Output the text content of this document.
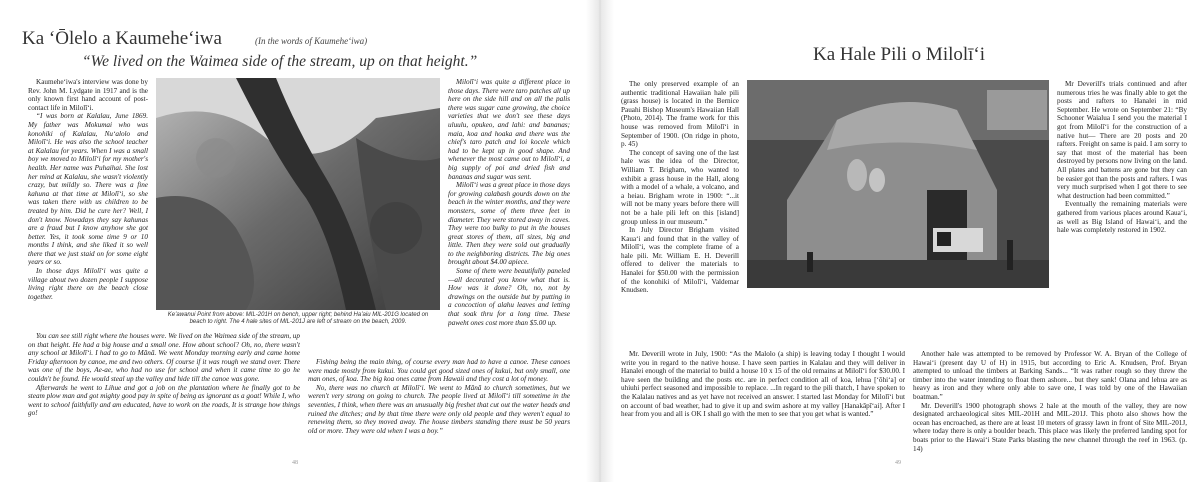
Ka ʻŌlelo a Kaumeheʻiwa	(In the words of Kaumeheʻiwa)
“We lived on the Waimea side of the stream, up on that height.”

Kaumeheʻiwa's interview was done by Rev. John M. Lydgate in 1917 and is the only known first hand account of post-contact life in Milolīʻi.

“I was born at Kalalau, June 1869. My father was Mokumai who was konohiki of Kalalau, Nuʻalolo and Milolīʻi. He was also the school teacher at Kalalau for years. When I was a small boy we moved to Milolīʻi for my mother's health. Her name was Puhaihai. She lost her mind at Kalalau, she wasn't violently crazy, but mildly so. There was a fine kahuna at that time at Milolīʻi, so she was taken there with us children to be treated by him. Did he cure her? Well, I don't know. Nowadays they say kahunas are a fraud but I know anyhow she got better. Yes, it took some time 9 or 10 months I think, and she liked it so well there that we just staid on for some eight years or so.

In those days Milolīʻi was quite a village about two dozen people I suppose living right there on the beach close together.

Keʻawanui Point from above: MIL-201H on bench, upper right; behind Haʻaiu MIL-201G located on beach to right. The 4 hale sites of MIL-201J are left of stream on the beach, 2009.

Milolīʻi was quite a different place in those days. There were taro patches all up here on the side hill and on all the palis there was sugar cane growing, the choice varieties that we don't see these days uluulu, opukeo, and lahi: and bananas; maia, koa and hoaka and there was the chief's taro patch and loi kocele which had to be kept up in good shape. And whenever the most came out to Milolīʻi, a big supply of poi and dried fish and bananas and sugar was sent.

Milolīʻi was a great place in those days for growing calabash gourds down on the beach in the winter months, and they were monsters, some of them three feet in diameter. They were stored away in caves. They were too bulky to put in the houses great stores of them, all sizes, big and little. Then they were sold out gradually to the neighboring districts. The big ones brought about $4.00 apiece.

Some of them were beautifully paneled —all decorated you know what that is. How was it done? Oh, no, not by drawings on the outside but by putting in a concoction of alahu leaves and letting that soak thru for a long time. These paweht ones cost more than $5.00 up.

You can see still right where the houses were. We lived on the Waimea side of the stream, up on that height. He had a big house and a small one. How about school? Oh, no, there wasn't any school at Milolīʻi. I had to go to Mānā. We went Monday morning early and came home Friday afternoon by canoe, me and two others. Of course if it was rough we stand over. There was one of the boys, Ae-ae, who had no use for school and when it came time to go he couldn't be found. He would steal up the valley and hide till the canoe was gone.

Afterwards he went to Lihue and got a job on the plantation where he finally got to be steam plow man and got mighty good pay in spite of being as ignorant as a goat! While I, who went to school faithfully and am educated, have to work on the roads, It is strange how things go!

Fishing being the main thing, of course every man had to have a canoe. These canoes were made mostly from kukui. You could get good sized ones of kukui, but only small, one man ones, of koa. The big koa ones came from Hawaii and they cost a lot of money.

No, there was no church at Milolīʻi. We went to Mānā to church sometimes, but we weren't very strong on going to church. The people lived at Milolīʻi till sometime in the seventies, I think, when there was an unusually big freshet that cut out the water heads and ruined the ditches; and by that time there were only old people and they weren't equal to renewing them, so they moved away. The house timbers standing there must be 50 years old or more. They were old when I was a boy.”

48
Ka Hale Pili o Milolīʻi

The only preserved example of an authentic traditional Hawaiian hale pili (grass house) is located in the Bernice Pauahi Bishop Museum's Hawaiian Hall (Photo, 2014). The frame work for this house was removed from Milolīʻi in September of 1900. (On ridge in photo, p. 45)

The concept of saving one of the last hale was the idea of the Director, William T. Brigham, who wanted to exhibit a grass house in the Hall, along with a model of a whale, a volcano, and a heiau. Brigham wrote in 1900: “...it will not be many years before there will not be a hale pili left on this [island] group unless in our museum.”

In July Director Brigham visited Kauaʻi and found that in the valley of Milolīʻi, was the complete frame of a hale pili. Mr. William E. H. Deverill offered to deliver the materials to Hanalei for $50.00 with the permission of the konohiki of Milolīʻi, Valdemar Knudsen.

Mr Deverill's trials continued and after numerous tries he was finally able to get the posts and rafters to Hanalei in mid September. He wrote on September 21: “By Schooner Waialua I send you the material I got from Milolīʻi for the construction of a native hut— There are 20 posts and 20 rafters. Freight on same is paid. I am sorry to say that most of the material has been destroyed by persons now living on the land. All plates and battens are gone but they can be easier got than the posts and rafters. I was very much surprised when I got there to see what destruction had been committed.”

Eventually the remaining materials were gathered from various places around Kauaʻi, as well as Big Island of Hawaiʻi, and the hale was completely restored in 1902.

Mr. Deverill wrote in July, 1900: “As the Malolo (a ship) is leaving today I thought I would write you in regard to the native house. I have seen parties in Kalalau and they will deliver in Hanalei enough of the material to build a house 10 x 15 of the old remains at Milolīʻi for $30.00. I have seen the building and the posts etc. are in perfect condition all of koa, lehua [ʻōhiʻa] or uhiuhi perfect seasoned and impossible to replace. ...In regard to the pili thatch, I have spoken to the Kalalau natives and as yet have not received an answer. I started last Monday for Milolīʻi but on account of bad weather, had to give it up and swim ashore at my valley [Hanakāpīʻai]. After I hear from you and all is OK I shall go with the men to see that you get what is wanted.”

Another hale was attempted to be removed by Professor W. A. Bryan of the College of Hawaiʻi (present day U of H) in 1915, but according to Eric A. Knudsen, Prof. Bryan attempted to unload the timbers at Barking Sands... “It was rather rough so they threw the timber into the water intending to float them ashore... but they sank! Olana and lehua are as heavy as iron and they where only able to save one, I was told by one of the Hawaiian boatman.”

Mr. Deverill's 1900 photograph shows 2 hale at the mouth of the valley, they are now designated archaeological sites MIL-201H and MIL-201J. This photo also shows how the ocean has encroached, as there are at least 10 meters of grassy lawn in front of Site MIL-201J, where today there is only a boulder beach. This place was likely the preferred landing spot for boats prior to the Hawaiʻi State Parks blasting the new channel through the reef in 1963. (p. 14)

49
